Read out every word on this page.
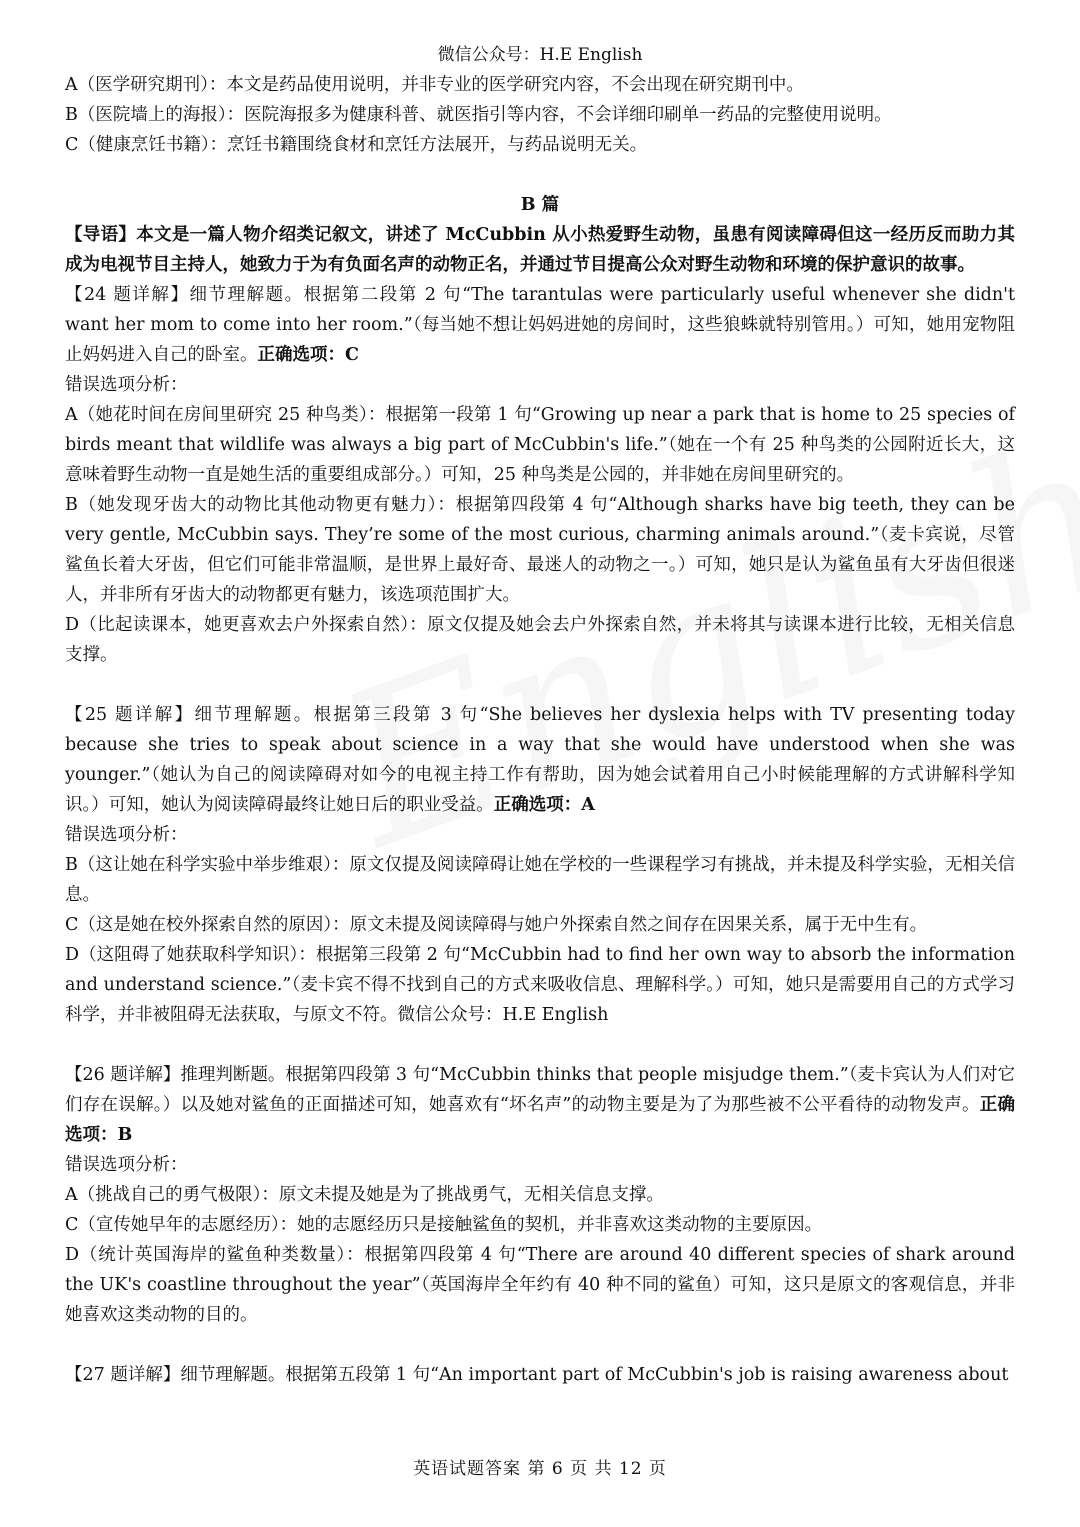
微信公众号：H.E English

A（医学研究期刊）：本文是药品使用说明，并非专业的医学研究内容，不会出现在研究期刊中。

B（医院墙上的海报）：医院海报多为健康科普、就医指引等内容，不会详细印刷单一药品的完整使用说明。

C（健康烹饪书籍）：烹饪书籍围绕食材和烹饪方法展开，与药品说明无关。

B 篇

【导语】本文是一篇人物介绍类记叙文，讲述了 McCubbin 从小热爱野生动物，虽患有阅读障碍但这一经历反而助力其成为电视节目主持人，她致力于为有负面名声的动物正名，并通过节目提高公众对野生动物和环境的保护意识的故事。

【24 题详解】细节理解题。根据第二段第 2 句“The tarantulas were particularly useful whenever she didn't want her mom to come into her room.”（每当她不想让妈妈进她的房间时，这些狼蛛就特别管用。）可知，她用宠物阻止妈妈进入自己的卧室。正确选项：C

错误选项分析：

A（她花时间在房间里研究 25 种鸟类）：根据第一段第 1 句“Growing up near a park that is home to 25 species of birds meant that wildlife was always a big part of McCubbin's life.”（她在一个有 25 种鸟类的公园附近长大，这意味着野生动物一直是她生活的重要组成部分。）可知，25 种鸟类是公园的，并非她在房间里研究的。

B（她发现牙齿大的动物比其他动物更有魅力）：根据第四段第 4 句“Although sharks have big teeth, they can be very gentle, McCubbin says. They’re some of the most curious, charming animals around.”（麦卡宾说，尽管鲨鱼长着大牙齿，但它们可能非常温顺，是世界上最好奇、最迷人的动物之一。）可知，她只是认为鲨鱼虽有大牙齿但很迷人，并非所有牙齿大的动物都更有魅力，该选项范围扩大。

D（比起读课本，她更喜欢去户外探索自然）：原文仅提及她会去户外探索自然，并未将其与读课本进行比较，无相关信息支撑。

【25 题详解】细节理解题。根据第三段第 3 句“She believes her dyslexia helps with TV presenting today because she tries to speak about science in a way that she would have understood when she was younger.”（她认为自己的阅读障碍对如今的电视主持工作有帮助，因为她会试着用自己小时候能理解的方式讲解科学知识。）可知，她认为阅读障碍最终让她日后的职业受益。正确选项：A

错误选项分析：

B（这让她在科学实验中举步维艰）：原文仅提及阅读障碍让她在学校的一些课程学习有挑战，并未提及科学实验，无相关信息。

C（这是她在校外探索自然的原因）：原文未提及阅读障碍与她户外探索自然之间存在因果关系，属于无中生有。

D（这阻碍了她获取科学知识）：根据第三段第 2 句“McCubbin had to find her own way to absorb the information and understand science.”（麦卡宾不得不找到自己的方式来吸收信息、理解科学。）可知，她只是需要用自己的方式学习科学，并非被阻碍无法获取，与原文不符。微信公众号：H.E English

【26 题详解】推理判断题。根据第四段第 3 句“McCubbin thinks that people misjudge them.”（麦卡宾认为人们对它们存在误解。）以及她对鲨鱼的正面描述可知，她喜欢有“坏名声”的动物主要是为了为那些被不公平看待的动物发声。正确选项：B

错误选项分析：

A（挑战自己的勇气极限）：原文未提及她是为了挑战勇气，无相关信息支撑。

C（宣传她早年的志愿经历）：她的志愿经历只是接触鲨鱼的契机，并非喜欢这类动物的主要原因。

D（统计英国海岸的鲨鱼种类数量）：根据第四段第 4 句“There are around 40 different species of shark around the UK's coastline throughout the year”（英国海岸全年约有 40 种不同的鲨鱼）可知，这只是原文的客观信息，并非她喜欢这类动物的目的。

【27 题详解】细节理解题。根据第五段第 1 句“An important part of McCubbin's job is raising awareness about

英语试题答案 第 6 页 共 12 页
